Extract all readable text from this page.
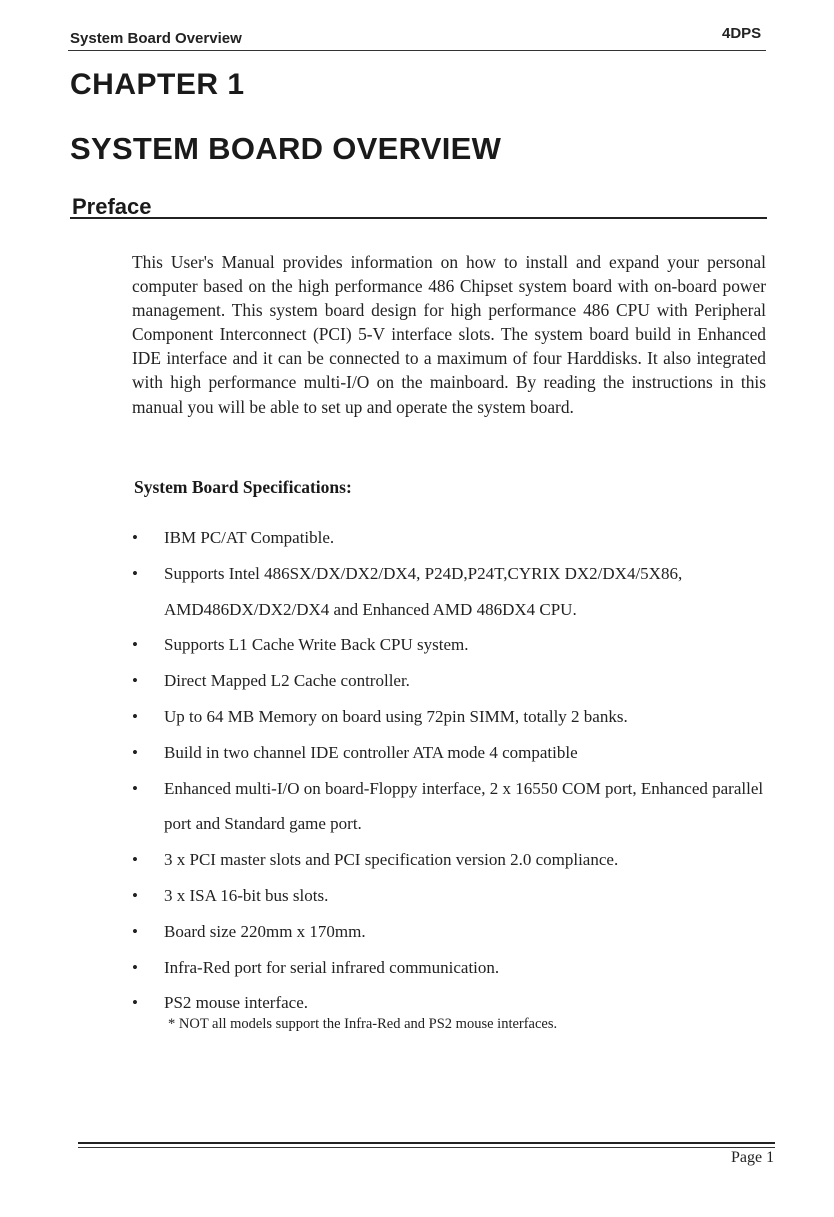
System Board Overview	4DPS
CHAPTER 1
SYSTEM BOARD OVERVIEW
Preface
This User's Manual provides information on how to install and expand your personal computer based on the high performance 486 Chipset system board with on-board power management. This system board design for high performance 486 CPU with Peripheral Component Interconnect (PCI) 5-V interface slots. The system board build in Enhanced IDE interface and it can be connected to a maximum of four Harddisks. It also integrated with high performance multi-I/O on the mainboard. By reading the instructions in this manual you will be able to set up and operate the system board.
System Board Specifications:
• IBM PC/AT Compatible.
• Supports Intel 486SX/DX/DX2/DX4, P24D,P24T,CYRIX DX2/DX4/5X86, AMD486DX/DX2/DX4 and Enhanced AMD 486DX4 CPU.
• Supports L1 Cache Write Back CPU system.
• Direct Mapped L2 Cache controller.
• Up to 64 MB Memory on board using 72pin SIMM, totally 2 banks.
• Build in two channel IDE controller ATA mode 4 compatible
• Enhanced multi-I/O on board-Floppy interface, 2 x 16550 COM port, Enhanced parallel port and Standard game port.
• 3 x PCI master slots and PCI specification version 2.0 compliance.
• 3 x ISA 16-bit bus slots.
• Board size 220mm x 170mm.
• Infra-Red port for serial infrared communication.
• PS2 mouse interface.
* NOT all models support the Infra-Red and PS2 mouse interfaces.
Page 1
